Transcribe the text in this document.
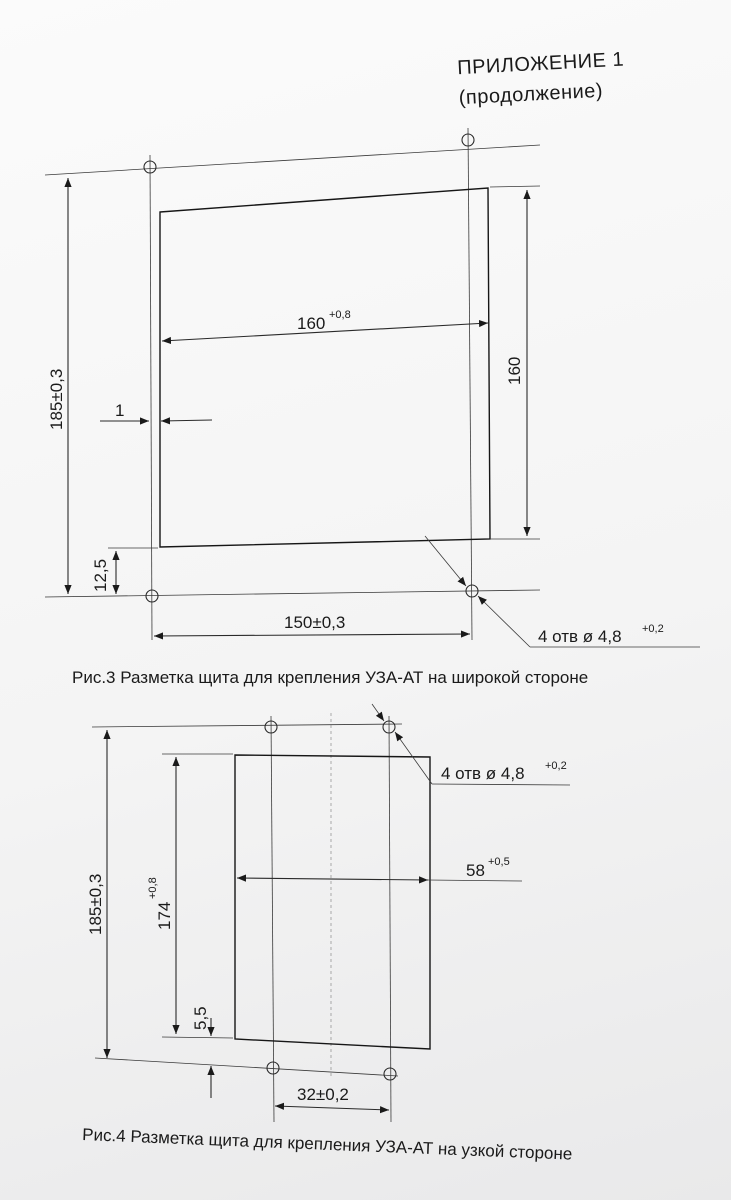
ПРИЛОЖЕНИЕ 1
(продолжение)
160
160 +0,8
185±0,3	1
12,5
150±0,3
4 отв ø 4,8 +0,2
Рис.3 Разметка щита для крепления УЗА-АТ на широкой стороне
4 отв ø 4,8 +0,2
185±0,3	174
+0,8
58 +0,5
5,5
32±0,2
Рис.4 Разметка щита для крепления УЗА-АТ на узкой стороне
